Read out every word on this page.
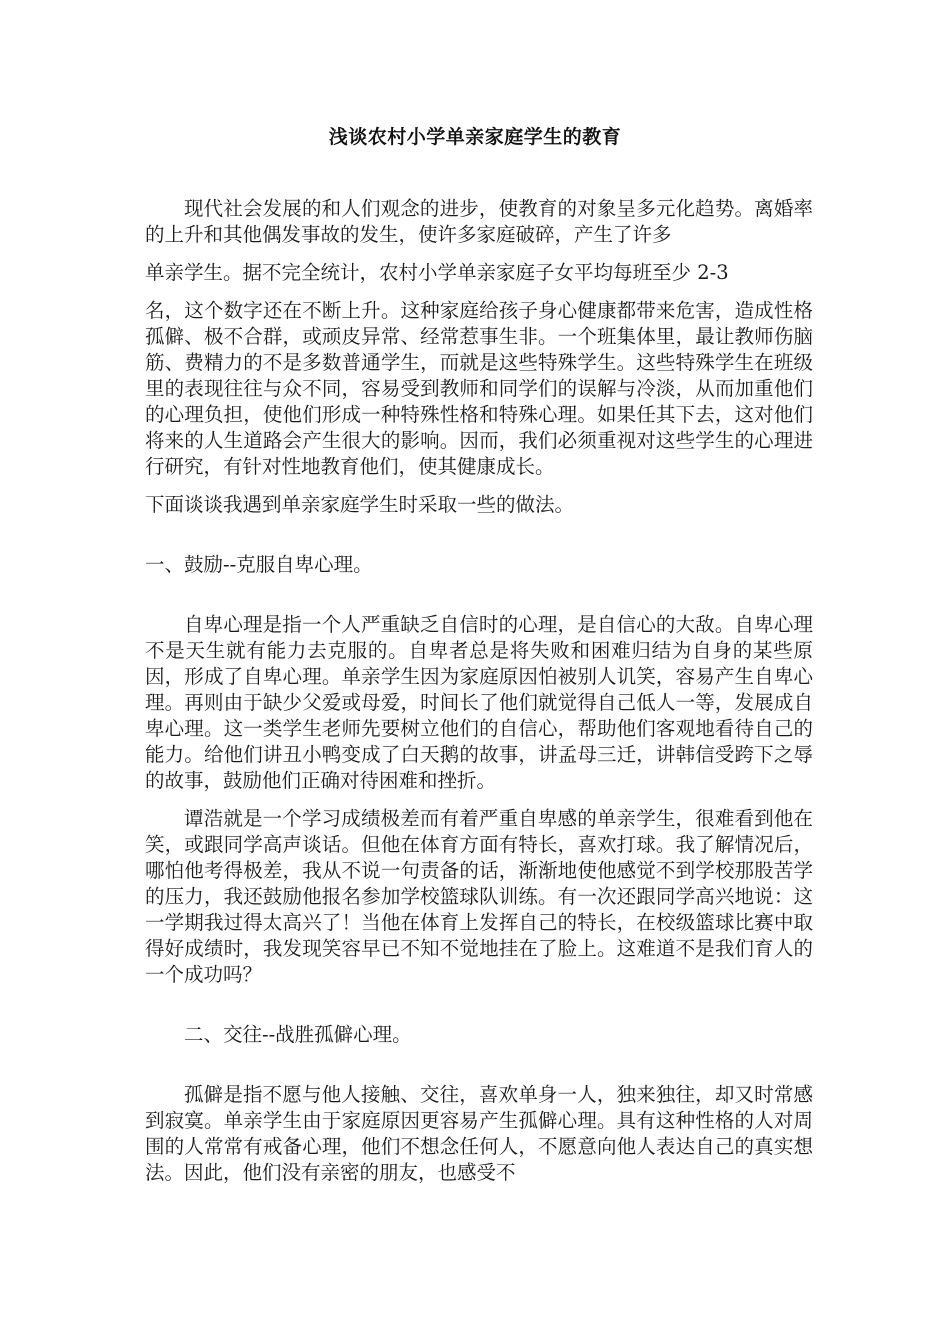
浅谈农村小学单亲家庭学生的教育

现代社会发展的和人们观念的进步，使教育的对象呈多元化趋势。离婚率的上升和其他偶发事故的发生，使许多家庭破碎，产生了许多

单亲学生。据不完全统计，农村小学单亲家庭子女平均每班至少 2-3

名，这个数字还在不断上升。这种家庭给孩子身心健康都带来危害，造成性格孤僻、极不合群，或顽皮异常、经常惹事生非。一个班集体里，最让教师伤脑筋、费精力的不是多数普通学生，而就是这些特殊学生。这些特殊学生在班级里的表现往往与众不同，容易受到教师和同学们的误解与冷淡，从而加重他们的心理负担，使他们形成一种特殊性格和特殊心理。如果任其下去，这对他们将来的人生道路会产生很大的影响。因而，我们必须重视对这些学生的心理进行研究，有针对性地教育他们，使其健康成长。

下面谈谈我遇到单亲家庭学生时采取一些的做法。

一、鼓励--克服自卑心理。

自卑心理是指一个人严重缺乏自信时的心理，是自信心的大敌。自卑心理不是天生就有能力去克服的。自卑者总是将失败和困难归结为自身的某些原因，形成了自卑心理。单亲学生因为家庭原因怕被别人讥笑，容易产生自卑心理。再则由于缺少父爱或母爱，时间长了他们就觉得自己低人一等，发展成自卑心理。这一类学生老师先要树立他们的自信心，帮助他们客观地看待自己的能力。给他们讲丑小鸭变成了白天鹅的故事，讲孟母三迁，讲韩信受跨下之辱的故事，鼓励他们正确对待困难和挫折。

谭浩就是一个学习成绩极差而有着严重自卑感的单亲学生，很难看到他在笑，或跟同学高声谈话。但他在体育方面有特长，喜欢打球。我了解情况后，哪怕他考得极差，我从不说一句责备的话，渐渐地使他感觉不到学校那股苦学的压力，我还鼓励他报名参加学校篮球队训练。有一次还跟同学高兴地说：这一学期我过得太高兴了！当他在体育上发挥自己的特长，在校级篮球比赛中取得好成绩时，我发现笑容早已不知不觉地挂在了脸上。这难道不是我们育人的一个成功吗？

二、交往--战胜孤僻心理。

孤僻是指不愿与他人接触、交往，喜欢单身一人，独来独往，却又时常感到寂寞。单亲学生由于家庭原因更容易产生孤僻心理。具有这种性格的人对周围的人常常有戒备心理，他们不想念任何人，不愿意向他人表达自己的真实想法。因此，他们没有亲密的朋友，也感受不
